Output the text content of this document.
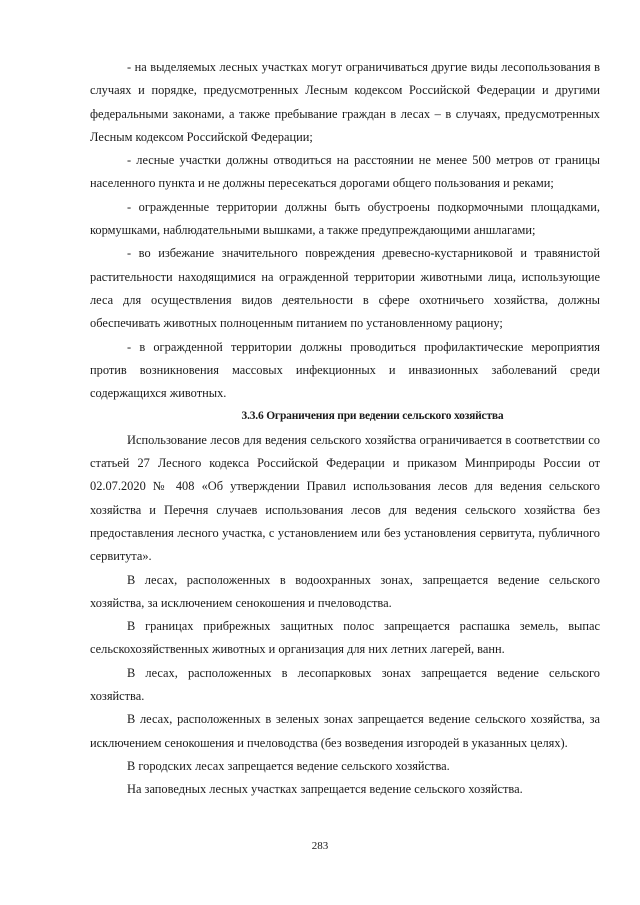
- на выделяемых лесных участках могут ограничиваться другие виды лесопользования в случаях и порядке, предусмотренных Лесным кодексом Российской Федерации и другими федеральными законами, а также пребывание граждан в лесах – в случаях, предусмотренных Лесным кодексом Российской Федерации;

- лесные участки должны отводиться на расстоянии не менее 500 метров от границы населенного пункта и не должны пересекаться дорогами общего пользования и реками;

- огражденные территории должны быть обустроены подкормочными площадками, кормушками, наблюдательными вышками, а также предупреждающими аншлагами;

- во избежание значительного повреждения древесно-кустарниковой и травянистой растительности находящимися на огражденной территории животными лица, использующие леса для осуществления видов деятельности в сфере охотничьего хозяйства, должны обеспечивать животных полноценным питанием по установленному рациону;

- в огражденной территории должны проводиться профилактические мероприятия против возникновения массовых инфекционных и инвазионных заболеваний среди содержащихся животных.

3.3.6 Ограничения при ведении сельского хозяйства

Использование лесов для ведения сельского хозяйства ограничивается в соответствии со статьей 27 Лесного кодекса Российской Федерации и приказом Минприроды России от 02.07.2020 № 408 «Об утверждении Правил использования лесов для ведения сельского хозяйства и Перечня случаев использования лесов для ведения сельского хозяйства без предоставления лесного участка, с установлением или без установления сервитута, публичного сервитута».

В лесах, расположенных в водоохранных зонах, запрещается ведение сельского хозяйства, за исключением сенокошения и пчеловодства.

В границах прибрежных защитных полос запрещается распашка земель, выпас сельскохозяйственных животных и организация для них летних лагерей, ванн.

В лесах, расположенных в лесопарковых зонах запрещается ведение сельского хозяйства.

В лесах, расположенных в зеленых зонах запрещается ведение сельского хозяйства, за исключением сенокошения и пчеловодства (без возведения изгородей в указанных целях).

В городских лесах запрещается ведение сельского хозяйства.

На заповедных лесных участках запрещается ведение сельского хозяйства.

283
